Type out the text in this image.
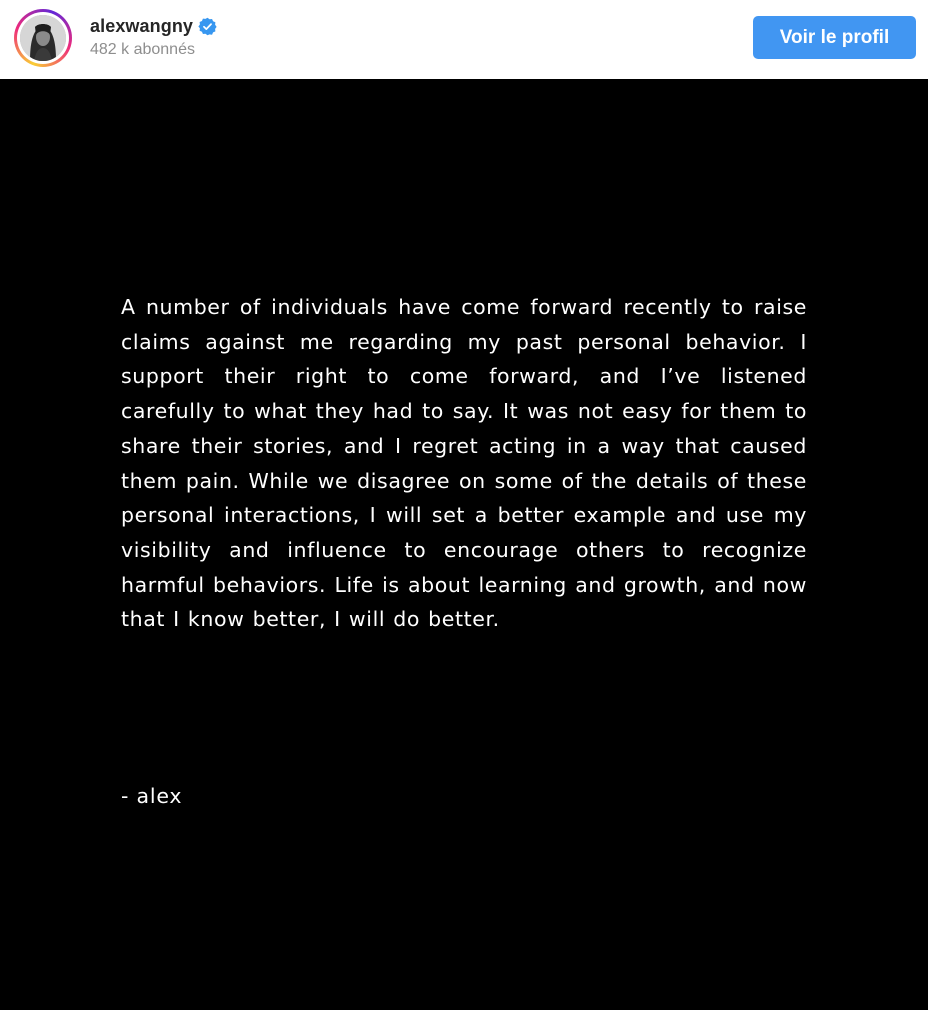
alexwangny
482 k abonnés
Voir le profil

A number of individuals have come forward recently to raise claims against me regarding my past personal behavior. I support their right to come forward, and I’ve listened carefully to what they had to say. It was not easy for them to share their stories, and I regret acting in a way that caused them pain. While we disagree on some of the details of these personal interactions, I will set a better example and use my visibility and influence to encourage others to recognize harmful behaviors. Life is about learning and growth, and now that I know better, I will do better.

- alex
